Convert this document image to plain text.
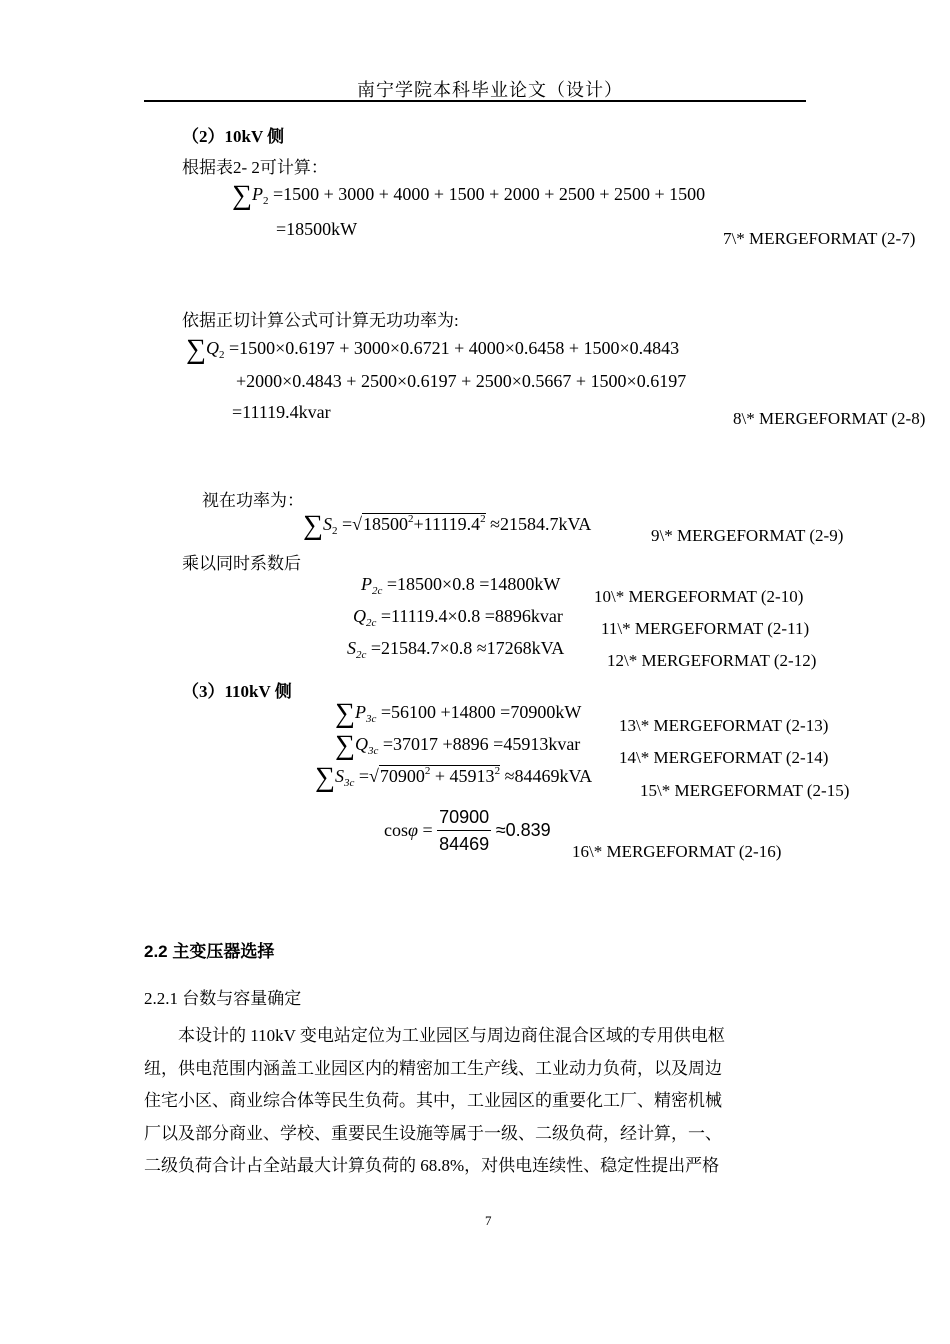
南宁学院本科毕业论文（设计）
（2）10kV 侧
根据表2- 2可计算：
$\sum P_2 =1500 + 3000 + 4000 + 1500 + 2000 + 2500 + 2500 + 1500$
=18500kW	7\* MERGEFORMAT (2-7)
依据正切计算公式可计算无功功率为:
$\sum Q_2 =1500\times 0.6197 + 3000\times 0.6721 + 4000\times 0.6458 + 1500\times 0.4843$
+2000×0.4843 + 2500×0.6197 + 2500×0.5667 + 1500×0.6197
=11119.4kvar	8\* MERGEFORMAT (2-8)
视在功率为：
$\sum S_2 =√18500^2+11119.4^2 \approx 21584.7kVA$
9\* MERGEFORMAT (2-9)
乘以同时系数后
$P_{2c} =18500\times 0.8 =14800kW$
10\* MERGEFORMAT (2-10)
$Q_{2c} =11119.4\times 0.8$ =8896kvar
11\* MERGEFORMAT (2-11)
$S_{2c} =21584.7\times 0.8 \approx 17268kVA$
12\* MERGEFORMAT (2-12)
（3）110kV 侧
$\sum P_{3c} =56100 +14800 =70900kW$
13\* MERGEFORMAT (2-13)
$\sum Q_{3c} =37017 +8896$ =45913kvar
14\* MERGEFORMAT (2-14)
$\sum S_{3c} =√70900^2 + 45913^2 \approx 84469kVA$
15\* MERGEFORMAT (2-15)
$\cos\varphi = \frac{70900}{84469} \approx 0.839$
16\* MERGEFORMAT (2-16)
2.2 主变压器选择
2.2.1 台数与容量确定
　　本设计的 110kV 变电站定位为工业园区与周边商住混合区域的专用供电枢
纽，供电范围内涵盖工业园区内的精密加工生产线、工业动力负荷，以及周边
住宅小区、商业综合体等民生负荷。其中，工业园区的重要化工厂、精密机械
厂以及部分商业、学校、重要民生设施等属于一级、二级负荷，经计算，一、
二级负荷合计占全站最大计算负荷的 68.8%，对供电连续性、稳定性提出严格
7
